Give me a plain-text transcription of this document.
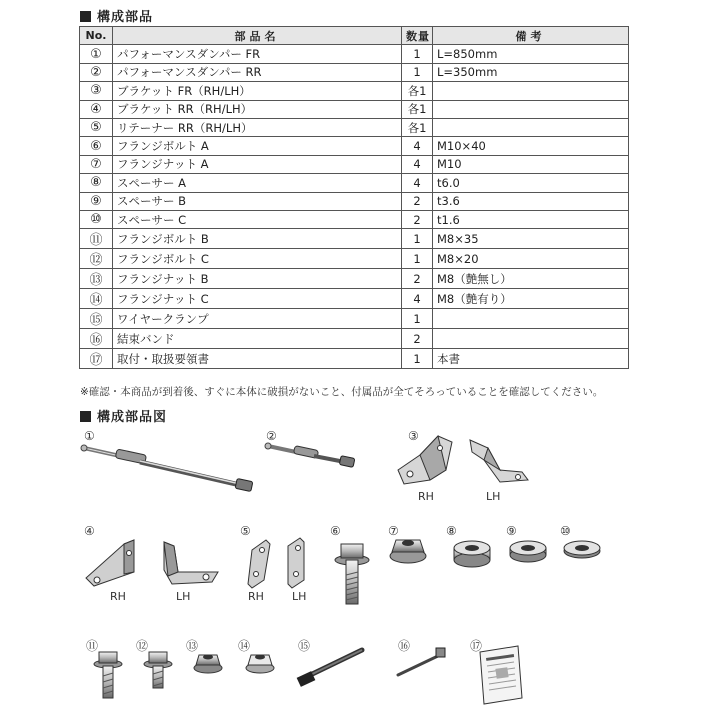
構成部品
No.	部品名	数量	備考
①	パフォーマンスダンパー FR	1	L=850mm
②	パフォーマンスダンパー RR	1	L=350mm
③	ブラケット FR（RH/LH）	各1	
④	ブラケット RR（RH/LH）	各1	
⑤	リテーナー RR（RH/LH）	各1	
⑥	フランジボルト A	4	M10×40
⑦	フランジナット A	4	M10
⑧	スペーサー A	4	t6.0
⑨	スペーサー B	2	t3.6
⑩	スペーサー C	2	t1.6
⑪	フランジボルト B	1	M8×35
⑫	フランジボルト C	1	M8×20
⑬	フランジナット B	2	M8（艶無し）
⑭	フランジナット C	4	M8（艶有り）
⑮	ワイヤークランプ	1	
⑯	結束バンド	2	
⑰	取付・取扱要領書	1	本書
※確認・本商品が到着後、すぐに本体に破損がないこと、付属品が全てそろっていることを確認してください。
構成部品図
①	②	③
RH	LH
④
RH	LH
⑤
RH	LH
⑥	⑦	⑧	⑨	⑩
⑪	⑫	⑬	⑭	⑮	⑯	⑰
